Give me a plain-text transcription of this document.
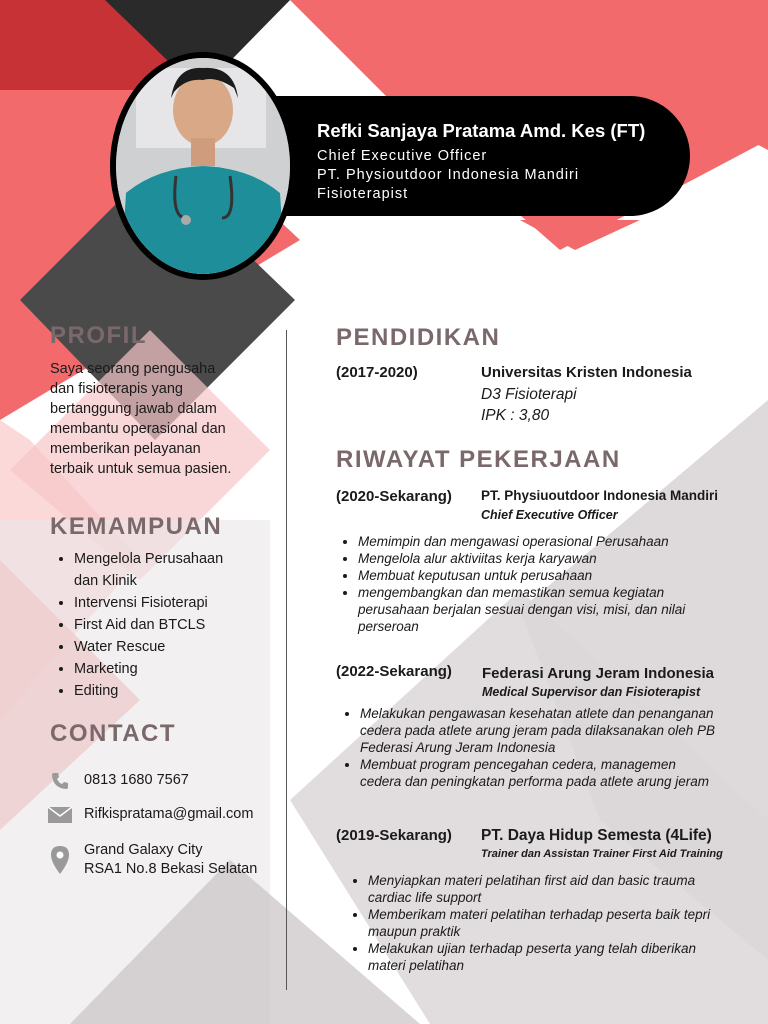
Refki Sanjaya Pratama Amd. Kes (FT)
Chief Executive Officer
PT. Physioutdoor Indonesia Mandiri
Fisioterapist
PROFIL
Saya seorang pengusaha
dan fisioterapis yang
bertanggung jawab dalam
membantu operasional dan
memberikan pelayanan
terbaik untuk semua pasien.
KEMAMPUAN
• Mengelola Perusahaan
dan Klinik
• Intervensi Fisioterapi
• First Aid dan BTCLS
• Water Rescue
• Marketing
• Editing
CONTACT
0813 1680 7567
Rifkispratama@gmail.com
Grand Galaxy City
RSA1 No.8 Bekasi Selatan
PENDIDIKAN
(2017-2020)	Universitas Kristen Indonesia
D3 Fisioterapi
IPK : 3,80
RIWAYAT PEKERJAAN
(2020-Sekarang) PT. Physiuoutdoor Indonesia Mandiri
Chief Executive Officer
• Memimpin dan mengawasi operasional Perusahaan
• Mengelola alur aktiviitas kerja karyawan
• Membuat keputusan untuk perusahaan
• mengembangkan dan memastikan semua kegiatan perusahaan berjalan sesuai dengan visi, misi, dan nilai perseroan
(2022-Sekarang) Federasi Arung Jeram Indonesia
Medical Supervisor dan Fisioterapist
• Melakukan pengawasan kesehatan atlete dan penanganan cedera pada atlete arung jeram pada dilaksanakan oleh PB Federasi Arung Jeram Indonesia
• Membuat program pencegahan cedera, managemen cedera dan peningkatan performa pada atlete arung jeram
(2019-Sekarang) PT. Daya Hidup Semesta (4Life)
Trainer dan Assistan Trainer First Aid Training
• Menyiapkan materi pelatihan first aid dan basic trauma cardiac life support
• Memberikam materi pelatihan terhadap peserta baik tepri maupun praktik
• Melakukan ujian terhadap peserta yang telah diberikan materi pelatihan
